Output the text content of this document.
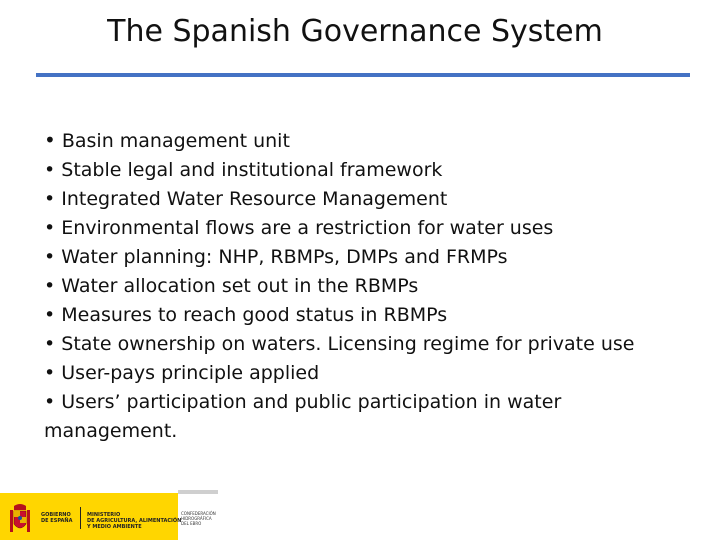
The Spanish Governance System
• Basin management unit
• Stable legal and institutional framework
• Integrated Water Resource Management
• Environmental flows are a restriction for water uses
• Water planning: NHP, RBMPs, DMPs and FRMPs
• Water allocation set out in the RBMPs
• Measures to reach good status in RBMPs
• State ownership on waters. Licensing regime for private use
• User-pays principle applied
• Users’ participation and public participation in water management.
GOBIERNO
DE ESPAÑA
MINISTERIO
DE AGRICULTURA, ALIMENTACIÓN
Y MEDIO AMBIENTE
CONFEDERACIÓN
HIDROGRÁFICA
DEL EBRO
